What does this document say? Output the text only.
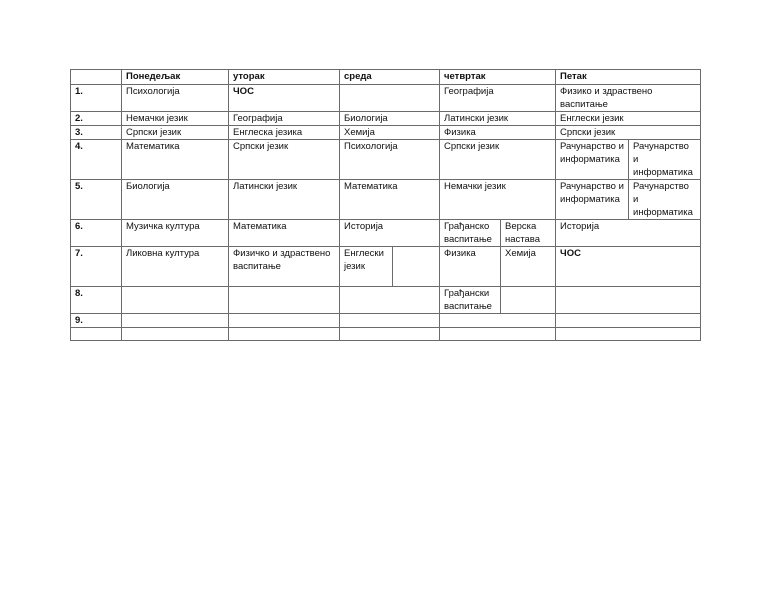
	Понедељак	уторак	среда		четвртак		Петак	
1.	Психологија	ЧОС			Географија		Физико и здраствено васпитање	
2.	Немачки језик	Географија	Биологија		Латински језик		Енглески језик	
3.	Српски језик	Енглеска језика	Хемија		Физика		Српски језик	
4.	Математика	Српски језик	Психологија		Српски језик		Рачунарство и информатика	Рачунарство и информатика
5.	Биологија	Латински језик	Математика		Немачки језик		Рачунарство и информатика	Рачунарство и информатика
6.	Музичка култура	Математика	Историја		Грађанско васпитање	Верска настава	Историја	
7.	Ликовна култура	Физичко и здраствено васпитање	Енглески језик		Физика	Хемија	ЧОС	
8.					Грађански васпитање			
9.								
